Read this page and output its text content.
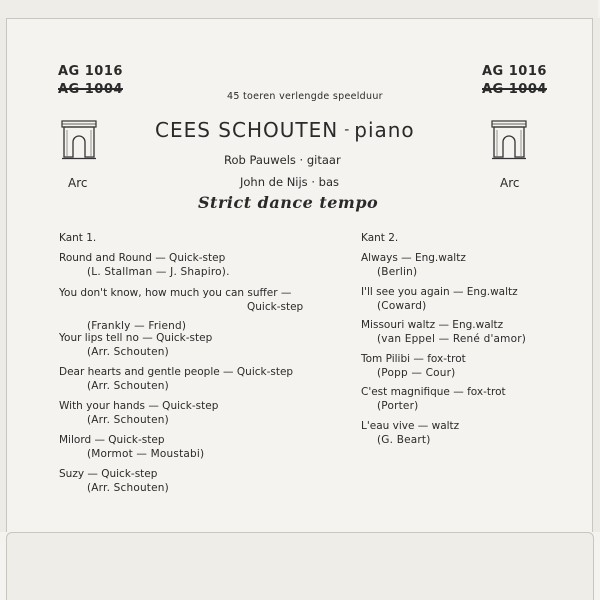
AG 1016
AG 1004
Arc
AG 1016
AG 1004
Arc
45 toeren verlengde speelduur
CEES SCHOUTEN - piano
Rob Pauwels · gitaar
John de Nijs · bas
Strict dance tempo
Kant 1.
Round and Round — Quick-step
(L. Stallman — J. Shapiro).
You don't know, how much you can suffer —
Quick-step
(Frankly — Friend)
Your lips tell no — Quick-step
(Arr. Schouten)
Dear hearts and gentle people — Quick-step
(Arr. Schouten)
With your hands — Quick-step
(Arr. Schouten)
Milord — Quick-step
(Mormot — Moustabi)
Suzy — Quick-step
(Arr. Schouten)
Kant 2.
Always — Eng.waltz
(Berlin)
I'll see you again — Eng.waltz
(Coward)
Missouri waltz — Eng.waltz
(van Eppel — René d'amor)
Tom Pilibi — fox-trot
(Popp — Cour)
C'est magnifique — fox-trot
(Porter)
L'eau vive — waltz
(G. Beart)
